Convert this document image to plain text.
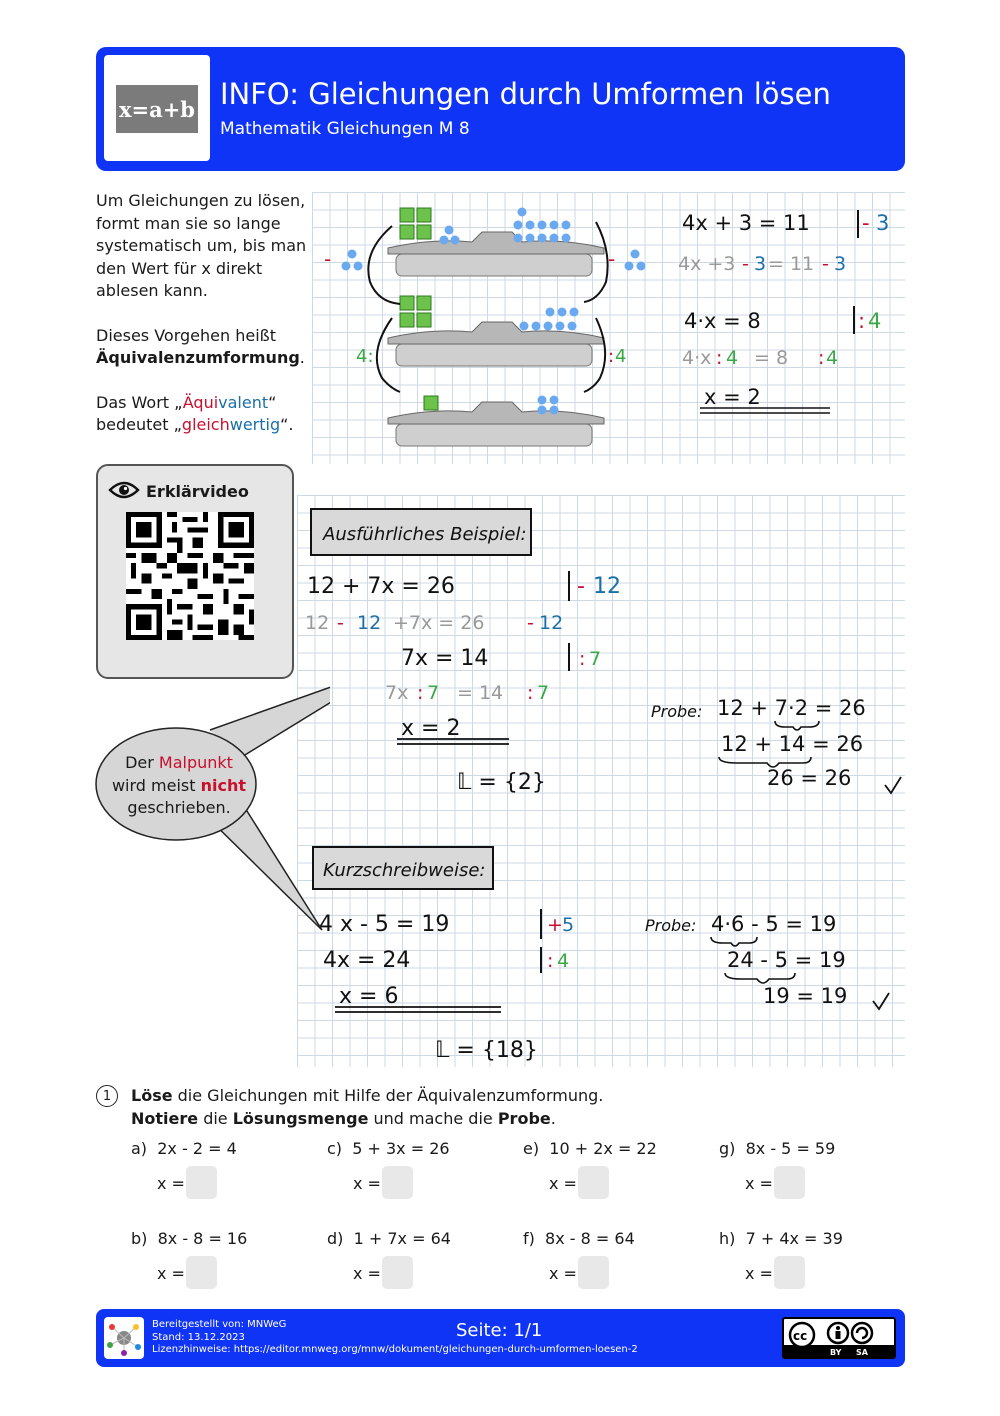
x=a+b INFO: Gleichungen durch Umformen lösen
Mathematik Gleichungen M 8

Um Gleichungen zu lösen, formt man sie so lange systematisch um, bis man den Wert für x direkt ablesen kann.

Dieses Vorgehen heißt Äquivalenzumformung.

Das Wort „Äquivalent“ bedeutet „gleichwertig“.

-	-
4:	: 4
4x + 3 = 11 - 3
4x +3 - 3 = 11 - 3
4·x = 8	: 4
4·x : 4 = 8 : 4
x = 2
Erklärvideo
Ausführliches Beispiel:
12 + 7x = 26	- 12
12 - 12 +7x = 26 - 12
7x = 14	: 7
7x : 7 = 14 : 7
x = 2
𝕃 = {2}
Probe: 12 + 7·2 = 26
12 + 14 = 26
26 = 26
Kurzschreibweise:
4 x - 5 = 19	+ 5
4x = 24	: 4
x = 6
𝕃 = {18}
Probe: 4·6 - 5 = 19
24 - 5 = 19
19 = 19
Der Malpunkt
wird meist nicht
geschrieben.
1	Löse die Gleichungen mit Hilfe der Äquivalenzumformung.
Notiere die Lösungsmenge und mache die Probe.
a) 2x - 2 = 4	c) 5 + 3x = 26	e) 10 + 2x = 22	g) 8x - 5 = 59
x =	x =	x =	x =
b) 8x - 8 = 16	d) 1 + 7x = 64	f) 8x - 8 = 64	h) 7 + 4x = 39
x =	x =	x =	x =
Bereitgestellt von: MNWeG
Stand: 13.12.2023
Lizenzhinweise: https://editor.mnweg.org/mnw/dokument/gleichungen-durch-umformen-loesen-2
Seite: 1/1	cc
BY SA
